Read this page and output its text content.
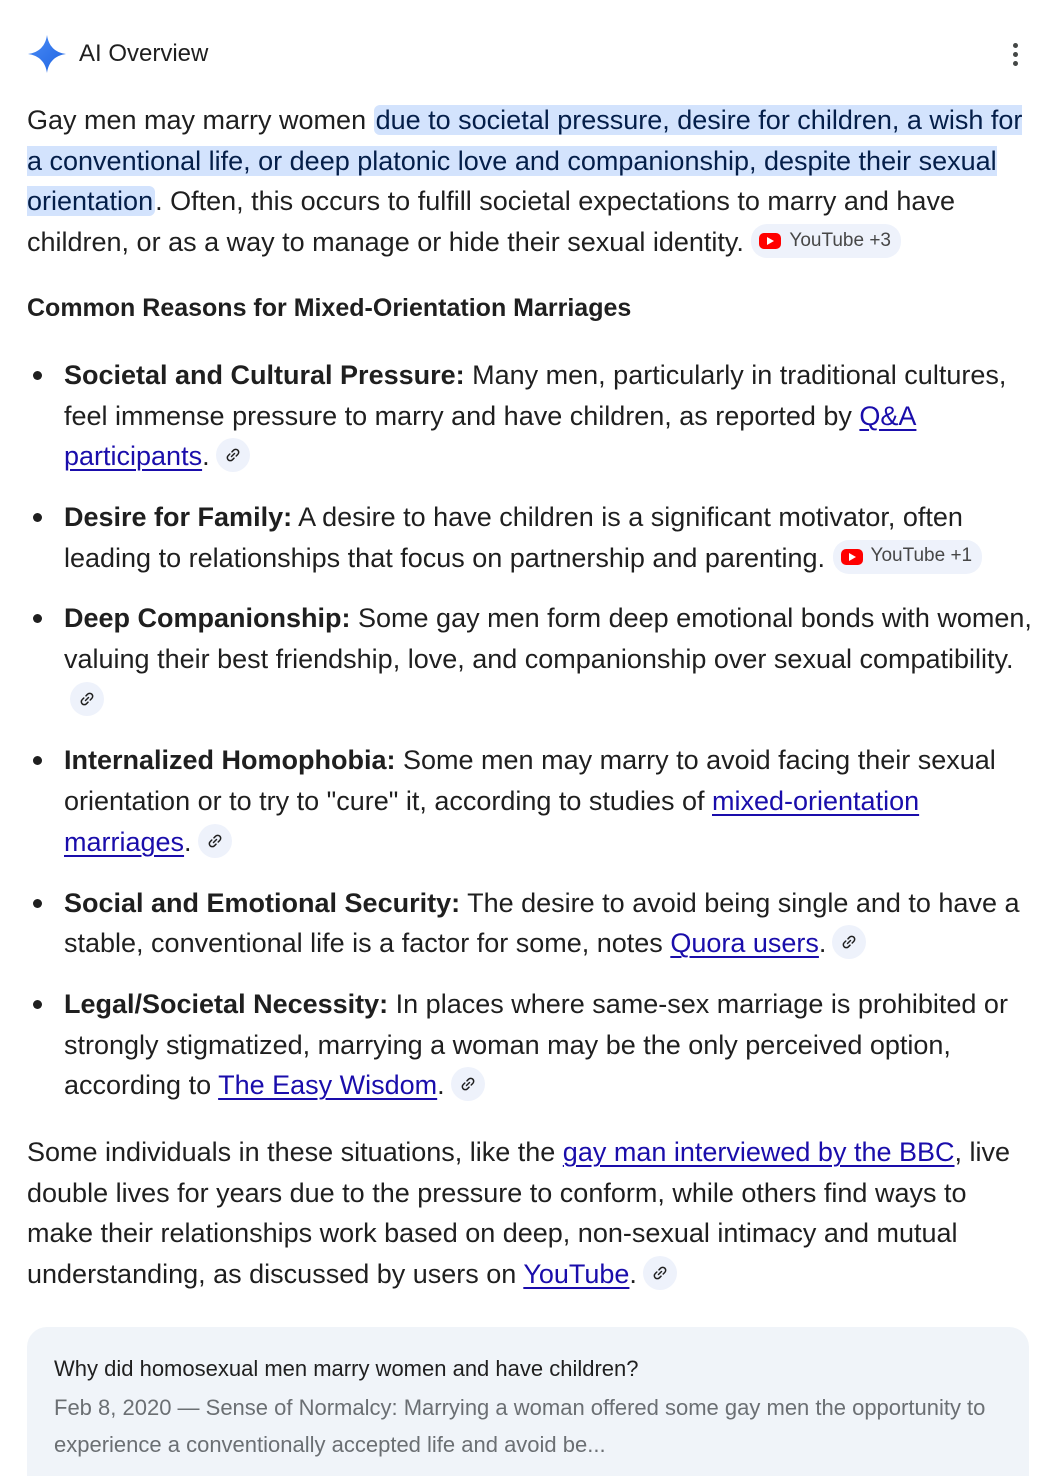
AI Overview

Gay men may marry women due to societal pressure, desire for children, a wish for a conventional life, or deep platonic love and companionship, despite their sexual orientation. Often, this occurs to fulfill societal expectations to marry and have children, or as a way to manage or hide their sexual identity. YouTube +3

Common Reasons for Mixed-Orientation Marriages
Societal and Cultural Pressure: Many men, particularly in traditional cultures, feel immense pressure to marry and have children, as reported by Q&A participants.
Desire for Family: A desire to have children is a significant motivator, often leading to relationships that focus on partnership and parenting. YouTube +1
Deep Companionship: Some gay men form deep emotional bonds with women, valuing their best friendship, love, and companionship over sexual compatibility.
Internalized Homophobia: Some men may marry to avoid facing their sexual orientation or to try to "cure" it, according to studies of mixed-orientation marriages.
Social and Emotional Security: The desire to avoid being single and to have a stable, conventional life is a factor for some, notes Quora users.
Legal/Societal Necessity: In places where same-sex marriage is prohibited or strongly stigmatized, marrying a woman may be the only perceived option, according to The Easy Wisdom.

Some individuals in these situations, like the gay man interviewed by the BBC, live double lives for years due to the pressure to conform, while others find ways to make their relationships work based on deep, non-sexual intimacy and mutual understanding, as discussed by users on YouTube.

Why did homosexual men marry women and have children?
Feb 8, 2020 — Sense of Normalcy: Marrying a woman offered some gay men the opportunity to experience a conventionally accepted life and avoid be...
